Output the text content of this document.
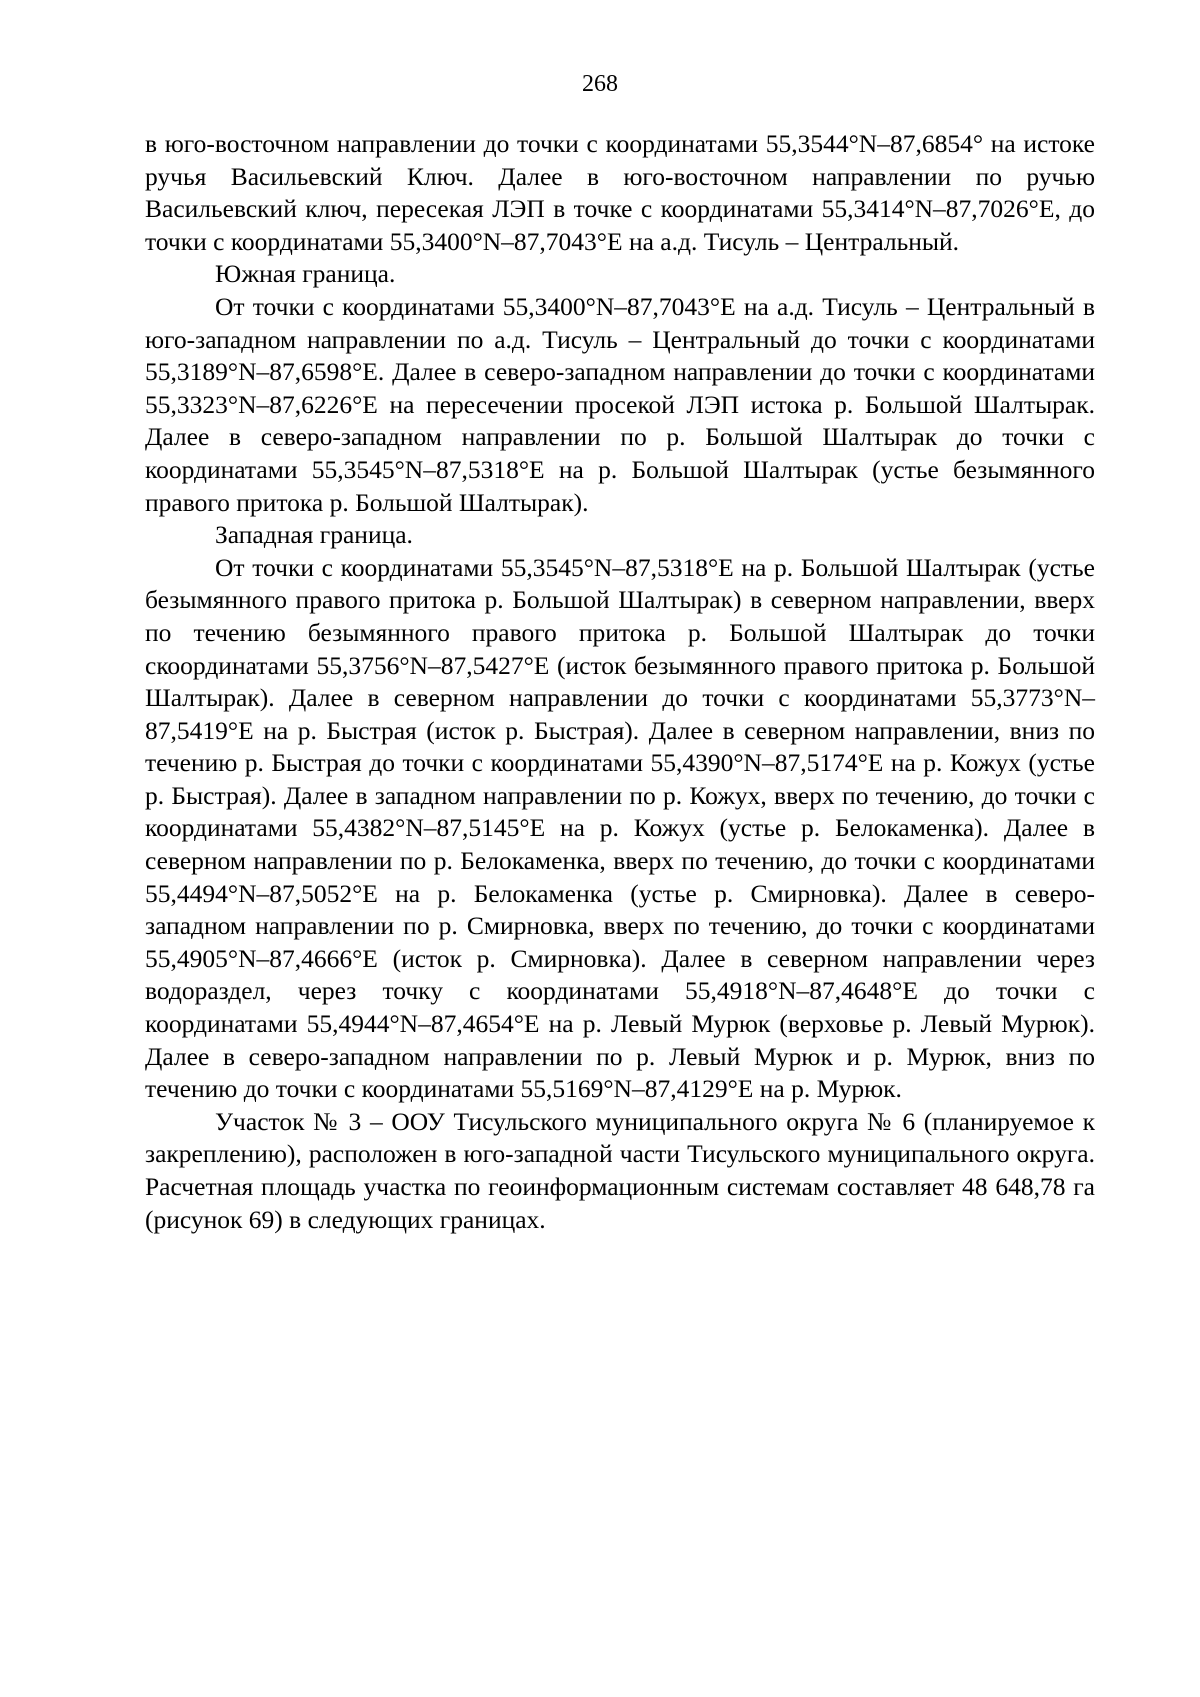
268

в юго-восточном направлении до точки с координатами 55,3544°N–87,6854° на истоке ручья Васильевский Ключ. Далее в юго-восточном направлении по ручью Васильевский ключ, пересекая ЛЭП в точке с координатами 55,3414°N–87,7026°E, до точки с координатами 55,3400°N–87,7043°E на а.д. Тисуль – Центральный.

Южная граница.

От точки с координатами 55,3400°N–87,7043°E на а.д. Тисуль – Центральный в юго-западном направлении по а.д. Тисуль – Центральный до точки с координатами 55,3189°N–87,6598°E. Далее в северо-западном направлении до точки с координатами 55,3323°N–87,6226°E на пересечении просекой ЛЭП истока р. Большой Шалтырак. Далее в северо-западном направлении по р. Большой Шалтырак до точки с координатами 55,3545°N–87,5318°E на р. Большой Шалтырак (устье безымянного правого притока р. Большой Шалтырак).

Западная граница.

От точки с координатами 55,3545°N–87,5318°E на р. Большой Шалтырак (устье безымянного правого притока р. Большой Шалтырак) в северном направлении, вверх по течению безымянного правого притока р. Большой Шалтырак до точки скоординатами 55,3756°N–87,5427°E (исток безымянного правого притока р. Большой Шалтырак). Далее в северном направлении до точки с координатами 55,3773°N–87,5419°E на р. Быстрая (исток р. Быстрая). Далее в северном направлении, вниз по течению р. Быстрая до точки с координатами 55,4390°N–87,5174°E на р. Кожух (устье р. Быстрая). Далее в западном направлении по р. Кожух, вверх по течению, до точки с координатами 55,4382°N–87,5145°E на р. Кожух (устье р. Белокаменка). Далее в северном направлении по р. Белокаменка, вверх по течению, до точки с координатами 55,4494°N–87,5052°E на р. Белокаменка (устье р. Смирновка). Далее в северо-западном направлении по р. Смирновка, вверх по течению, до точки с координатами 55,4905°N–87,4666°E (исток р. Смирновка). Далее в северном направлении через водораздел, через точку с координатами 55,4918°N–87,4648°E до точки с координатами 55,4944°N–87,4654°E на р. Левый Мурюк (верховье р. Левый Мурюк). Далее в северо-западном направлении по р. Левый Мурюк и р. Мурюк, вниз по течению до точки с координатами 55,5169°N–87,4129°E на р. Мурюк.

Участок № 3 – ООУ Тисульского муниципального округа № 6 (планируемое к закреплению), расположен в юго-западной части Тисульского муниципального округа. Расчетная площадь участка по геоинформационным системам составляет 48 648,78 га (рисунок 69) в следующих границах.
